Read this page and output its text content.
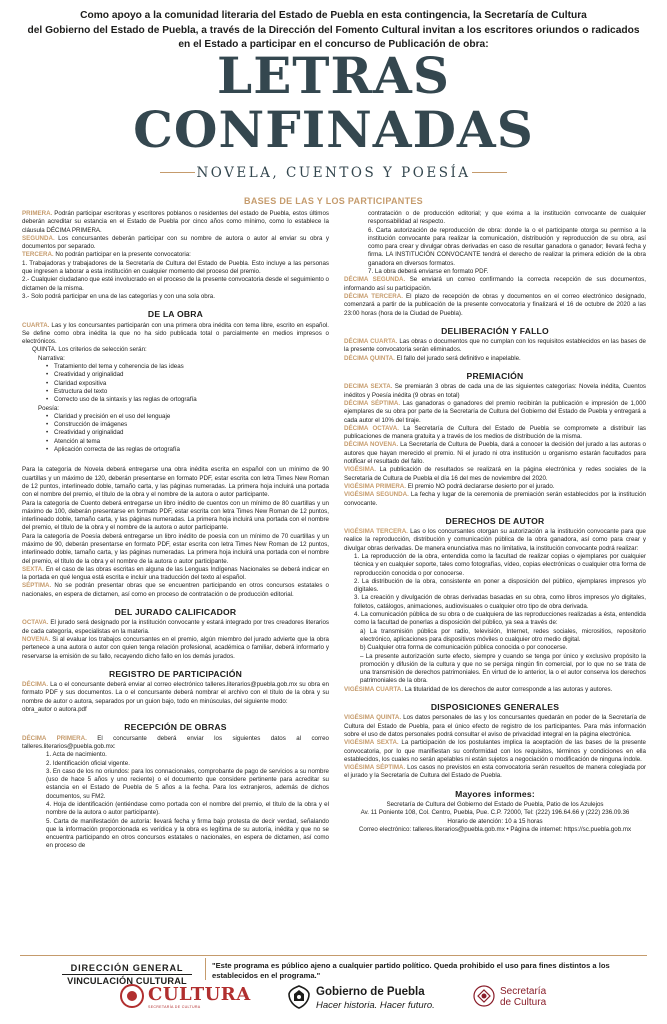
Como apoyo a la comunidad literaria del Estado de Puebla en esta contingencia, la Secretaría de Cultura
del Gobierno del Estado de Puebla, a través de la Dirección del Fomento Cultural invitan a los escritores oriundos o radicados
en el Estado a participar en el concurso de Publicación de obra:
LETRAS
CONFINADAS
NOVELA, CUENTOS Y POESÍA
BASES DE LAS Y LOS PARTICIPANTES

PRIMERA. Podrán participar escritoras y escritores poblanos o residentes del estado de Puebla, estos últimos deberán acreditar su estancia en el Estado de Puebla por cinco años como mínimo, como lo establece la cláusula DÉCIMA PRIMERA.

SEGUNDA. Los concursantes deberán participar con su nombre de autora o autor al enviar su obra y documentos por separado.

TERCERA. No podrán participar en la presente convocatoria:

1. Trabajadoras y trabajadores de la Secretaría de Cultura del Estado de Puebla. Esto incluye a las personas que ingresen a laborar a esta institución en cualquier momento del proceso del premio.

2.- Cualquier ciudadano que esté involucrado en el proceso de la presente convocatoria desde el seguimiento o dictamen de la misma.

3.- Solo podrá participar en una de las categorías y con una sola obra.

DE LA OBRA

CUARTA. Las y los concursantes participarán con una primera obra inédita con tema libre, escrito en español. Se define como obra inédita la que no ha sido publicada total o parcialmente en medios impresos o electrónicos.

QUINTA. Los criterios de selección serán:

Narrativa:

• Tratamiento del tema y coherencia de las ideas

• Creatividad y originalidad

• Claridad expositiva

• Estructura del texto

• Correcto uso de la sintaxis y las reglas de ortografía

Poesía:

• Claridad y precisión en el uso del lenguaje

• Construcción de imágenes

• Creatividad y originalidad

• Atención al tema

• Aplicación correcta de las reglas de ortografía

Para la categoría de Novela deberá entregarse una obra inédita escrita en español con un mínimo de 90 cuartillas y un máximo de 120, deberán presentarse en formato PDF, estar escrita con letra Times New Roman de 12 puntos, interlineado doble, tamaño carta, y las páginas numeradas. La primera hoja incluirá una portada con el nombre del premio, el título de la obra y el nombre de la autora o autor participante.

Para la categoría de Cuento deberá entregarse un libro inédito de cuentos con un mínimo de 80 cuartillas y un máximo de 100, deberán presentarse en formato PDF, estar escrita con letra Times New Roman de 12 puntos, interlineado doble, tamaño carta, y las páginas numeradas. La primera hoja incluirá una portada con el nombre del premio, el título de la obra y el nombre de la autora o autor participante.

Para la categoría de Poesía deberá entregarse un libro inédito de poesía con un mínimo de 70 cuartillas y un máximo de 90, deberán presentarse en formato PDF, estar escrita con letra Times New Roman de 12 puntos, interlineado doble, tamaño carta, y las páginas numeradas. La primera hoja incluirá una portada con el nombre del premio, el título de la obra y el nombre de la autora o autor participante.

SEXTA. En el caso de las obras escritas en alguna de las Lenguas Indígenas Nacionales se deberá indicar en la portada en qué lengua está escrita e incluir una traducción del texto al español.

SÉPTIMA. No se podrán presentar obras que se encuentren participando en otros concursos estatales o nacionales, en espera de dictamen, así como en proceso de contratación o de producción editorial.

DEL JURADO CALIFICADOR

OCTAVA. El jurado será designado por la institución convocante y estará integrado por tres creadores literarios de cada categoría, especialistas en la materia.

NOVENA. Si al evaluar los trabajos concursantes en el premio, algún miembro del jurado advierte que la obra pertenece a una autora o autor con quien tenga relación profesional, académica o familiar, deberá informarlo y reservarse la emisión de su fallo, recayendo dicho fallo en los demás jurados.

REGISTRO DE PARTICIPACIÓN

DÉCIMA. La o el concursante deberá enviar al correo electrónico talleres.literarios@puebla.gob.mx su obra en formato PDF y sus documentos. La o el concursante deberá nombrar el archivo con el título de la obra y su nombre de autor o autora, separados por un guion bajo, todo en minúsculas, del siguiente modo:

obra_autor o autora.pdf

RECEPCIÓN DE OBRAS

DÉCIMA PRIMERA. El concursante deberá enviar los siguientes datos al correo talleres.literarios@puebla.gob.mx:

1. Acta de nacimiento.

2. Identificación oficial vigente.

3. En caso de los no oriundos: para los connacionales, comprobante de pago de servicios a su nombre (uso de hace 5 años y uno reciente) o el documento que considere pertinente para acreditar su estancia en el Estado de Puebla de 5 años a la fecha. Para los extranjeros, además de dichos documentos, su FM2.

4. Hoja de identificación (entiéndase como portada con el nombre del premio, el título de la obra y el nombre de la autora o autor participante).

5. Carta de manifestación de autoría: llevará fecha y firma bajo protesta de decir verdad, señalando que la información proporcionada es verídica y la obra es legítima de su autoría, inédita y que no se encuentra participando en otros concursos estatales o nacionales, en espera de dictamen, así como en proceso de

contratación o de producción editorial; y que exima a la institución convocante de cualquier responsabilidad al respecto.

6. Carta autorización de reproducción de obra: donde la o el participante otorga su permiso a la institución convocante para realizar la comunicación, distribución y reproducción de su obra, así como para crear y divulgar obras derivadas en caso de resultar ganadora o ganador; llevará fecha y firma. LA INSTITUCIÓN CONVOCANTE tendrá el derecho de realizar la primera edición de la obra ganadora en diversos formatos.

7. La obra deberá enviarse en formato PDF.

DÉCIMA SEGUNDA. Se enviará un correo confirmando la correcta recepción de sus documentos, informando así su participación.

DÉCIMA TERCERA. El plazo de recepción de obras y documentos en el correo electrónico designado, comenzará a partir de la publicación de la presente convocatoria y finalizará el 16 de octubre de 2020 a las 23:00 horas (hora de la Ciudad de Puebla).

DELIBERACIÓN Y FALLO

DÉCIMA CUARTA. Las obras o documentos que no cumplan con los requisitos establecidos en las bases de la presente convocatoria serán eliminados.

DÉCIMA QUINTA. El fallo del jurado será definitivo e inapelable.

PREMIACIÓN

DECIMA SEXTA. Se premiarán 3 obras de cada una de las siguientes categorías: Novela inédita, Cuentos inéditos y Poesía inédita (9 obras en total)

DÉCIMA SÉPTIMA. Las ganadoras o ganadores del premio recibirán la publicación e impresión de 1,000 ejemplares de su obra por parte de la Secretaría de Cultura del Gobierno del Estado de Puebla y entregará a cada autor el 10% del tiraje.

DÉCIMA OCTAVA. La Secretaría de Cultura del Estado de Puebla se compromete a distribuir las publicaciones de manera gratuita y a través de los medios de distribución de la misma.

DÉCIMA NOVENA. La Secretaría de Cultura de Puebla, dará a conocer la decisión del jurado a las autoras o autores que hayan merecido el premio. Ni el jurado ni otra institución u organismo estarán facultados para notificar el resultado del fallo.

VIGÉSIMA. La publicación de resultados se realizará en la página electrónica y redes sociales de la Secretaría de Cultura de Puebla el día 16 del mes de noviembre del 2020.

VIGÉSIMA PRIMERA. El premio NO podrá declararse desierto por el jurado.

VIGÉSIMA SEGUNDA. La fecha y lugar de la ceremonia de premiación serán establecidos por la institución convocante.

DERECHOS DE AUTOR

VIGÉSIMA TERCERA. Las o los concursantes otorgan su autorización a la institución convocante para que realice la reproducción, distribución y comunicación pública de la obra ganadora, así como para crear y divulgar obras derivadas. De manera enunciativa mas no limitativa, la institución convocante podrá realizar:

1. La reproducción de la obra, entendida como la facultad de realizar copias o ejemplares por cualquier técnica y en cualquier soporte, tales como fotografías, vídeo, copias electrónicas o cualquier otra forma de reproducción conocida o por conocerse.

2. La distribución de la obra, consistente en poner a disposición del público, ejemplares impresos y/o digitales.

3. La creación y divulgación de obras derivadas basadas en su obra, como libros impresos y/o digitales, folletos, catálogos, animaciones, audiovisuales o cualquier otro tipo de obra derivada.

4. La comunicación pública de su obra o de cualquiera de las reproducciones realizadas a ésta, entendida como la facultad de ponerlas a disposición del público, ya sea a través de:

a) La transmisión pública por radio, televisión, Internet, redes sociales, micrositios, repositorio electrónico, aplicaciones para dispositivos móviles o cualquier otro medio digital.

b) Cualquier otra forma de comunicación pública conocida o por conocerse.

– La presente autorización surte efecto, siempre y cuando se tenga por único y exclusivo propósito la promoción y difusión de la cultura y que no se persiga ningún fin comercial, por lo que no se trata de una transmisión de derechos patrimoniales. En virtud de lo anterior, la o el autor conserva los derechos patrimoniales de la obra.

VIGÉSIMA CUARTA. La titularidad de los derechos de autor corresponde a las autoras y autores.

DISPOSICIONES GENERALES

VIGÉSIMA QUINTA. Los datos personales de las y los concursantes quedarán en poder de la Secretaría de Cultura del Estado de Puebla, para el único efecto de registro de los participantes. Para más información sobre el uso de datos personales podrá consultar el aviso de privacidad integral en la página electrónica.

VIGÉSIMA SEXTA. La participación de los postulantes implica la aceptación de las bases de la presente convocatoria, por lo que manifiestan su conformidad con los requisitos, términos y condiciones en ella establecidos, los cuales no serán apelables ni están sujetos a negociación o modificación de ninguna índole.

VIGÉSIMA SÉPTIMA. Los casos no previstos en esta convocatoria serán resueltos de manera colegiada por el jurado y la Secretaría de Cultura del Estado de Puebla.

Mayores informes:

Secretaría de Cultura del Gobierno del Estado de Puebla, Patio de los Azulejos

Av. 11 Poniente 108, Col. Centro, Puebla, Pue. C.P. 72000, Tel: (222) 196.64.66 y (222) 236.09.36

Horario de atención: 10 a 15 horas

Correo electrónico: talleres.literarios@puebla.gob.mx • Página de internet: https://sc.puebla.gob.mx

DIRECCIÓN GENERAL
VINCULACIÓN CULTURAL
"Este programa es público ajeno a cualquier partido político. Queda prohibido el uso para fines distintos a los establecidos en el programa."
CULTURA
SECRETARÍA DE CULTURA
Gobierno de Puebla
Hacer historia. Hacer futuro.
Secretaría
de Cultura
